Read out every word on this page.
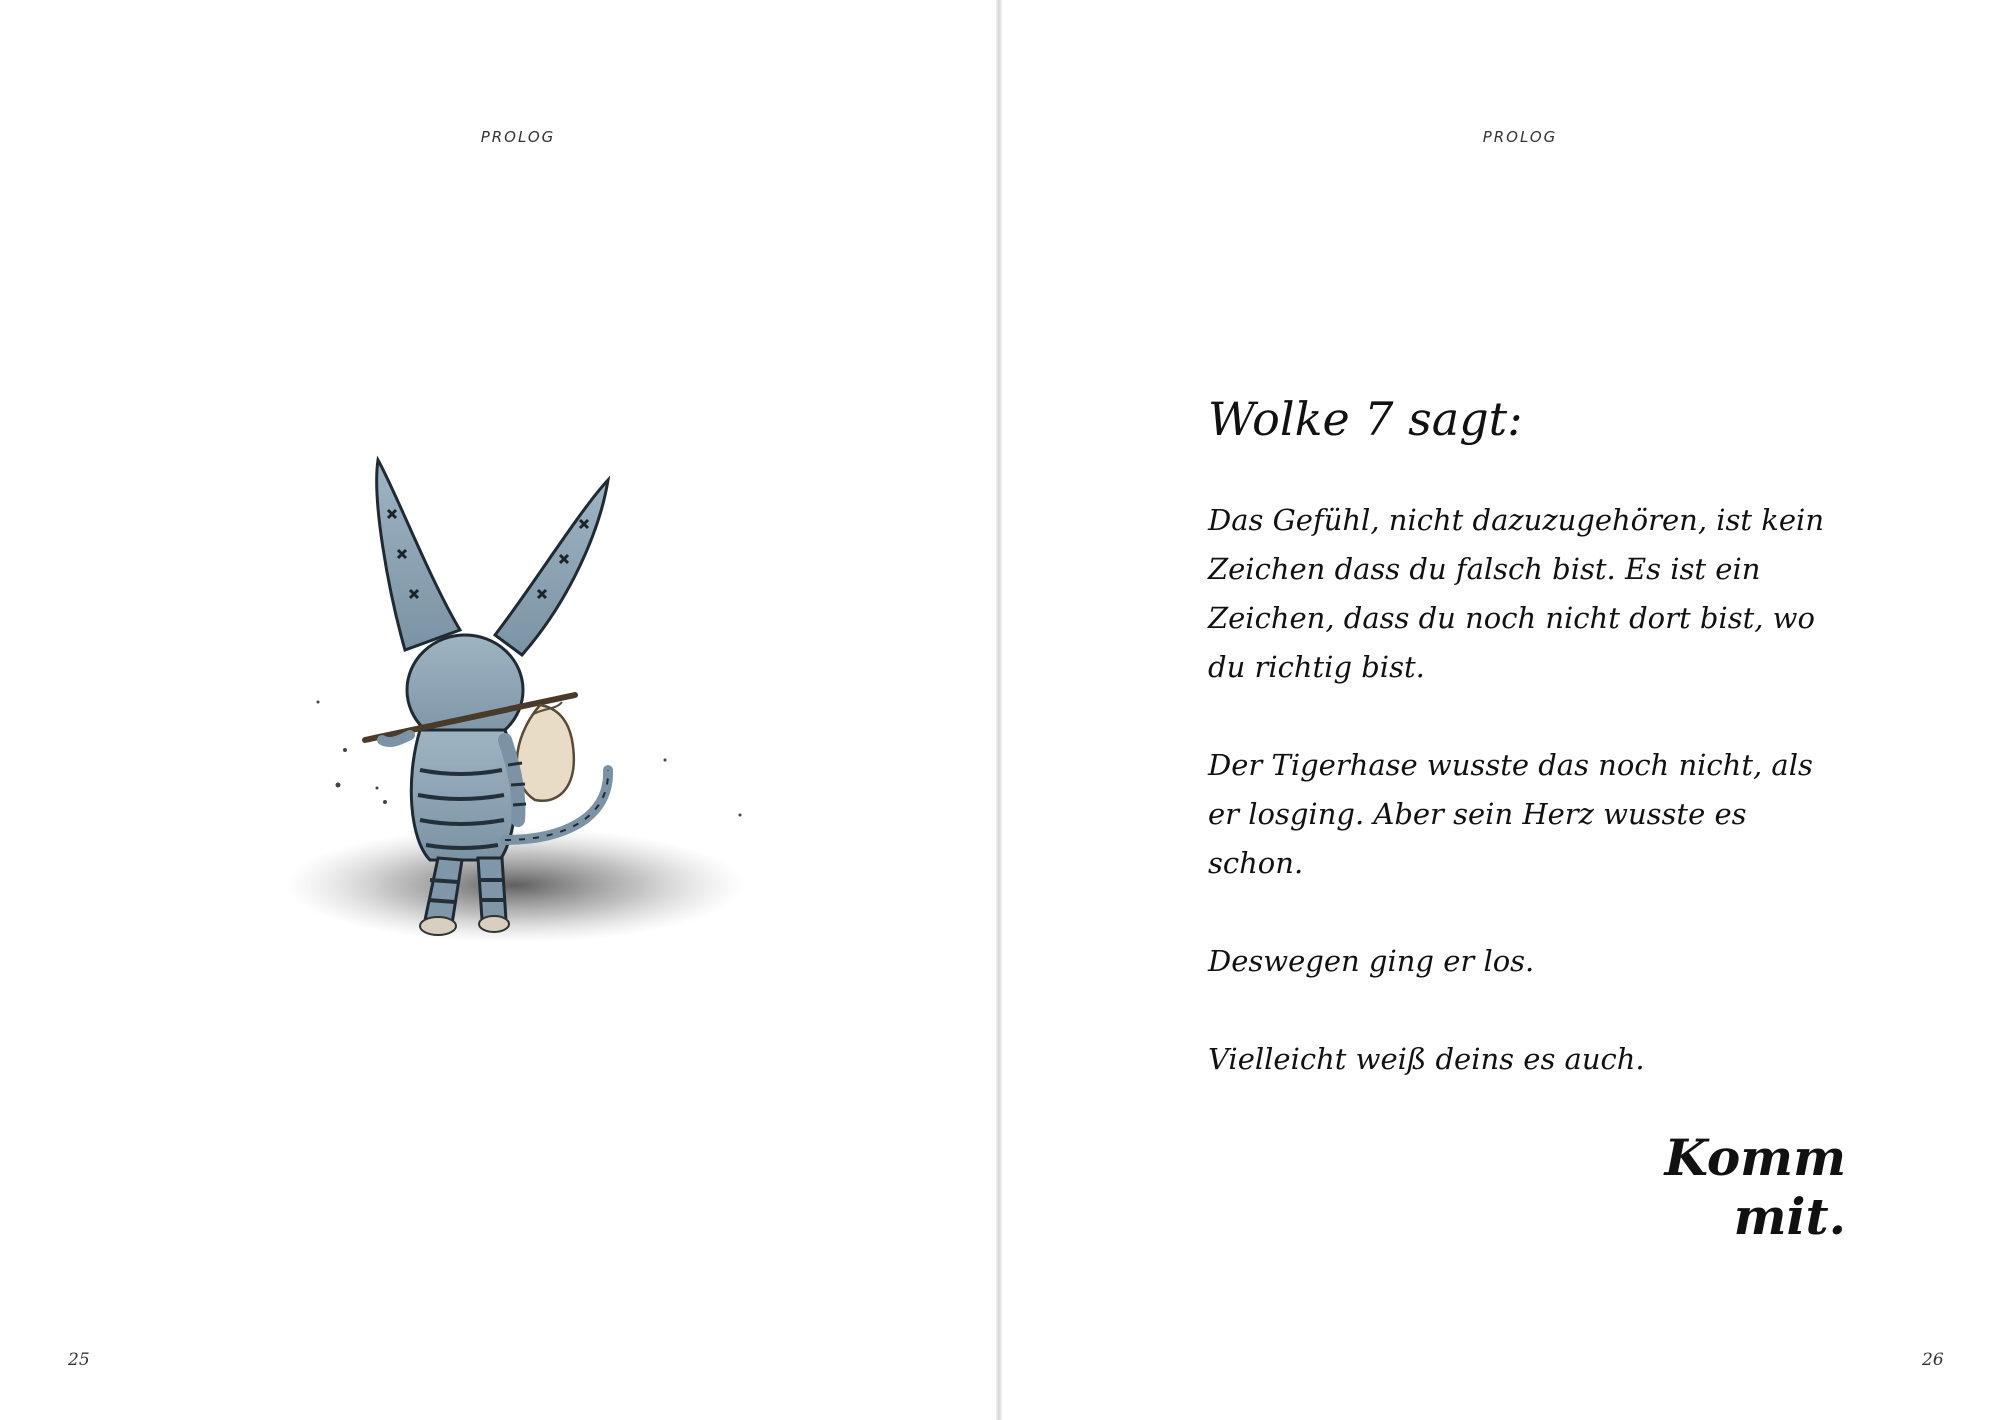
PROLOG
25
PROLOG
Wolke 7 sagt:

Das Gefühl, nicht dazuzugehören, ist kein Zeichen dass du falsch bist. Es ist ein Zeichen, dass du noch nicht dort bist, wo du richtig bist.

Der Tigerhase wusste das noch nicht, als er losging. Aber sein Herz wusste es schon.

Deswegen ging er los.

Vielleicht weiß deins es auch.

Komm mit.
26
